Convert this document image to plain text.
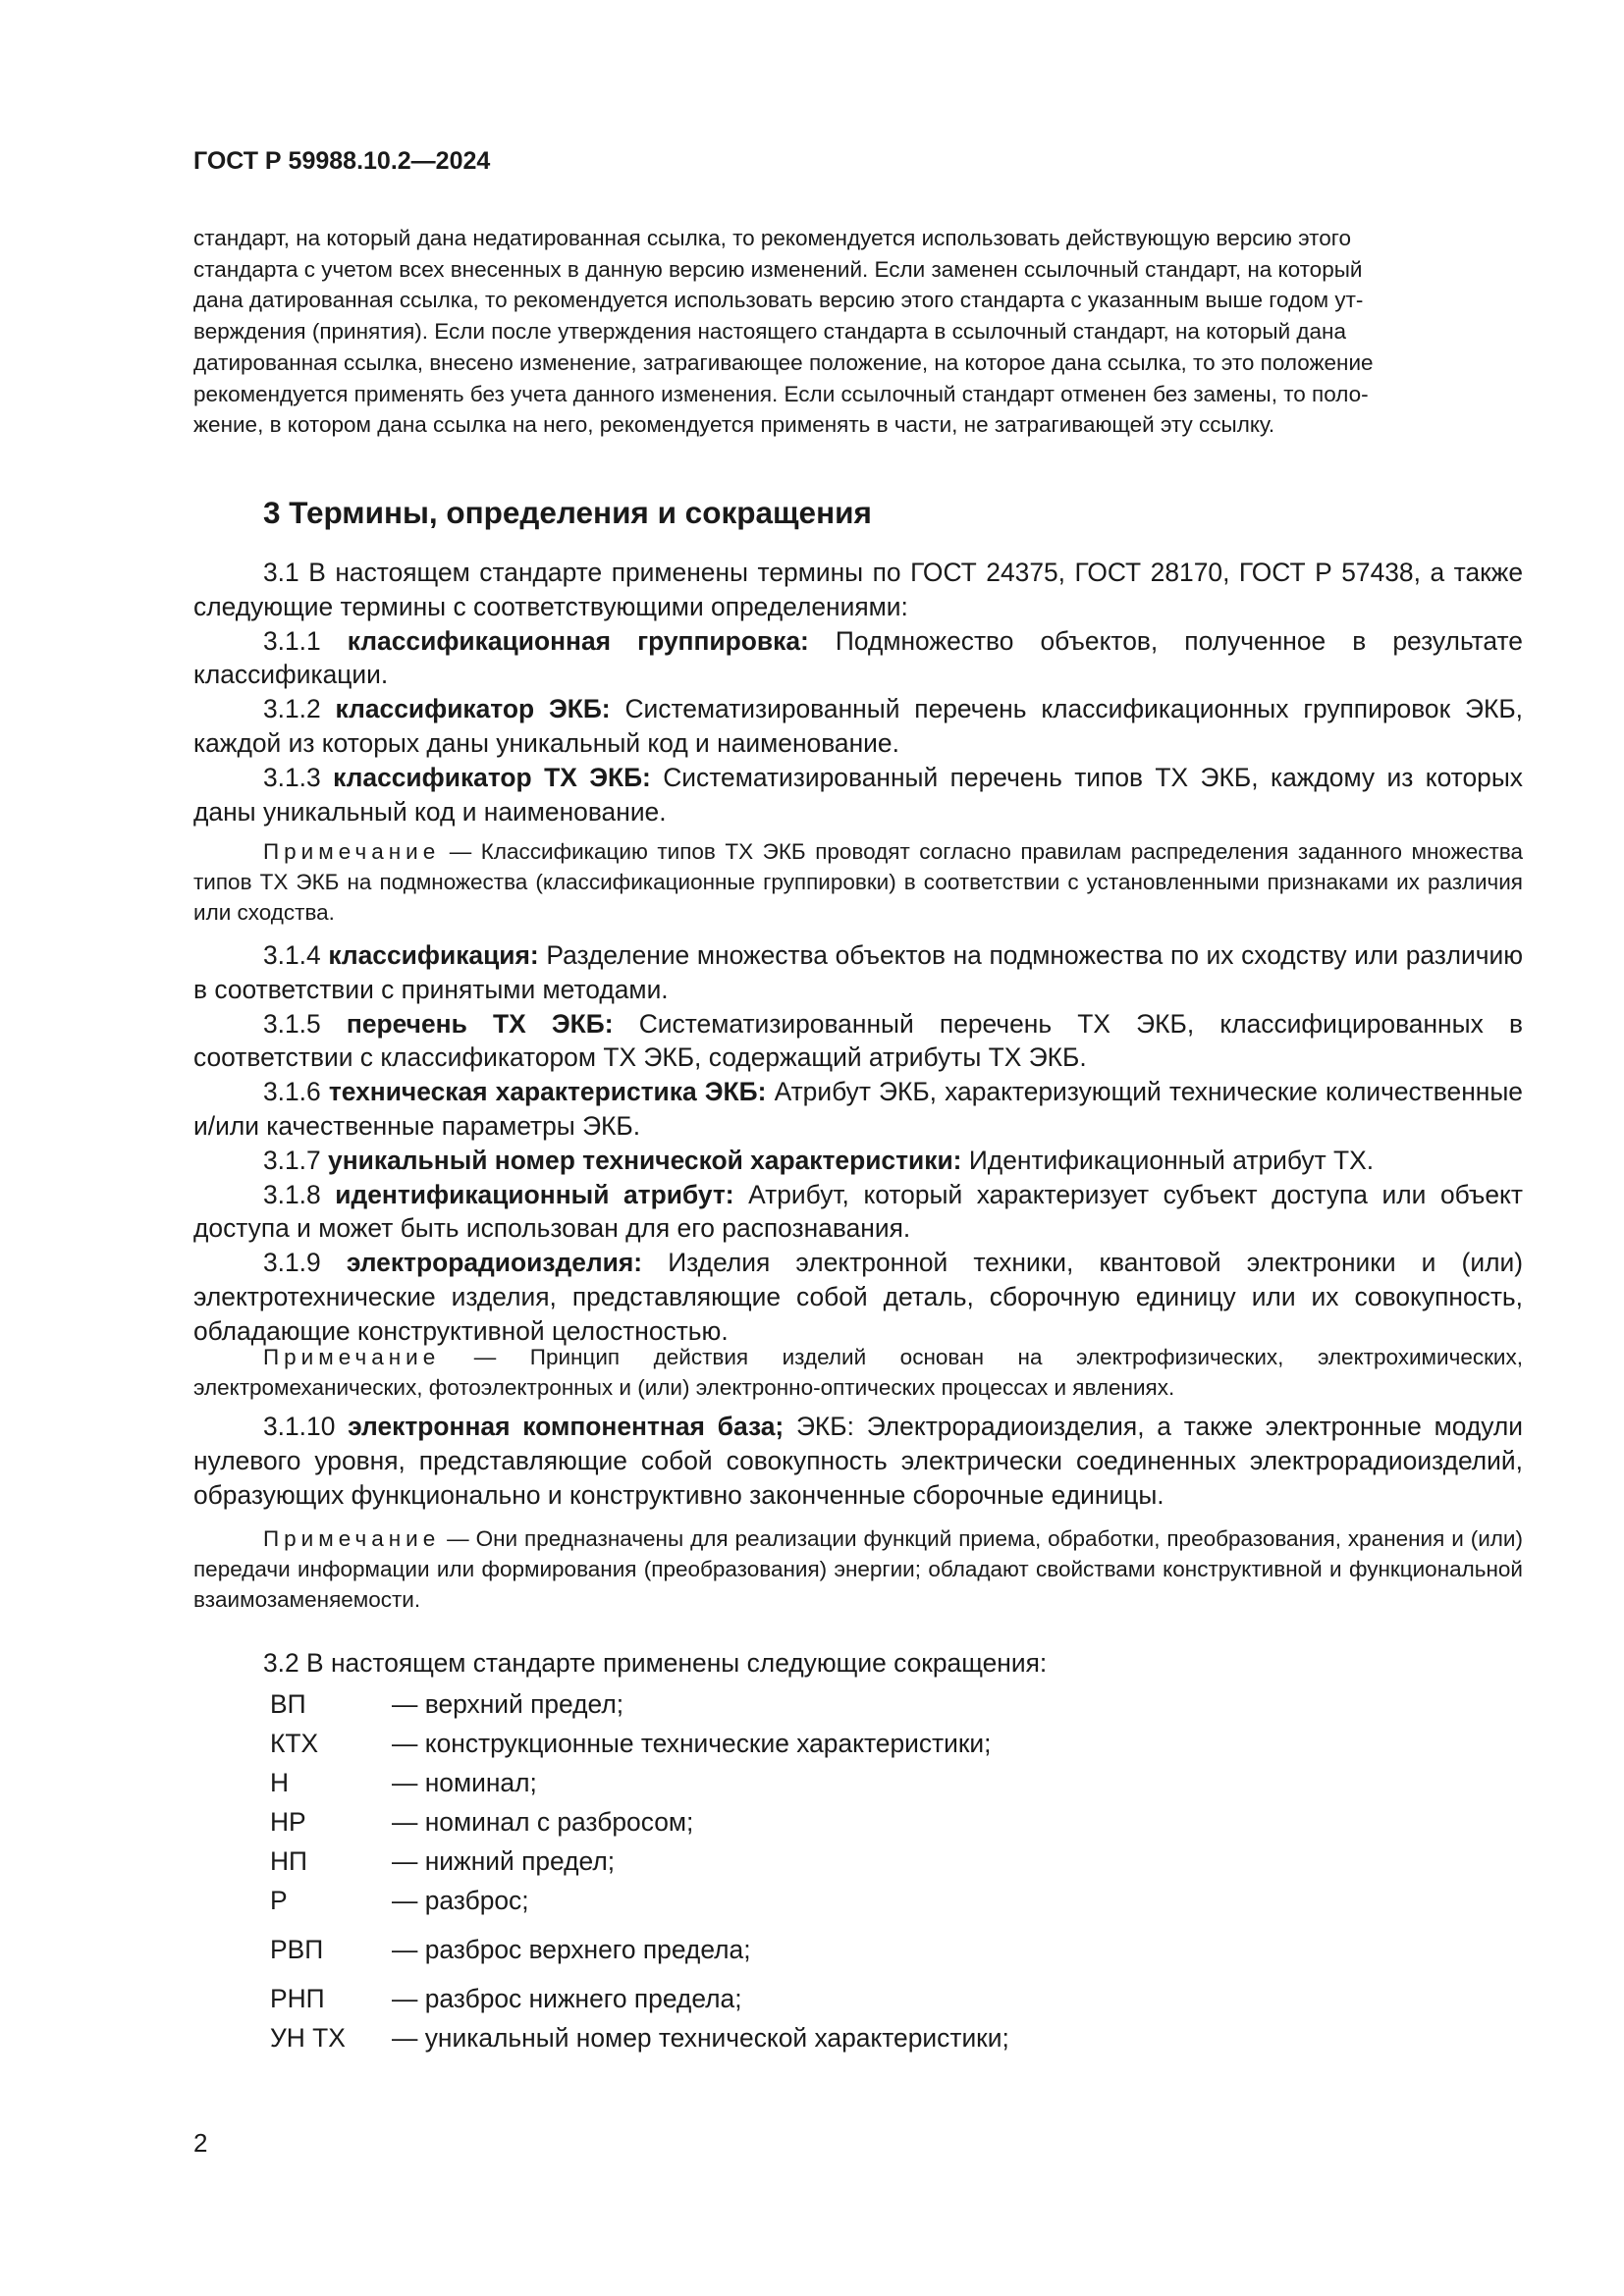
ГОСТ Р 59988.10.2—2024

стандарт, на который дана недатированная ссылка, то рекомендуется использовать действующую версию этого

стандарта с учетом всех внесенных в данную версию изменений. Если заменен ссылочный стандарт, на который

дана датированная ссылка, то рекомендуется использовать версию этого стандарта с указанным выше годом ут-

верждения (принятия). Если после утверждения настоящего стандарта в ссылочный стандарт, на который дана

датированная ссылка, внесено изменение, затрагивающее положение, на которое дана ссылка, то это положение

рекомендуется применять без учета данного изменения. Если ссылочный стандарт отменен без замены, то поло-

жение, в котором дана ссылка на него, рекомендуется применять в части, не затрагивающей эту ссылку.

3 Термины, определения и сокращения

3.1 В настоящем стандарте применены термины по ГОСТ 24375, ГОСТ 28170, ГОСТ Р 57438, а также следующие термины с соответствующими определениями:

3.1.1 классификационная группировка: Подмножество объектов, полученное в результате классификации.

3.1.2 классификатор ЭКБ: Систематизированный перечень классификационных группировок ЭКБ, каждой из которых даны уникальный код и наименование.

3.1.3 классификатор ТХ ЭКБ: Систематизированный перечень типов ТХ ЭКБ, каждому из которых даны уникальный код и наименование.

Примечание — Классификацию типов ТХ ЭКБ проводят согласно правилам распределения заданного множества типов ТХ ЭКБ на подмножества (классификационные группировки) в соответствии с установленными признаками их различия или сходства.

3.1.4 классификация: Разделение множества объектов на подмножества по их сходству или различию в соответствии с принятыми методами.

3.1.5 перечень ТХ ЭКБ: Систематизированный перечень ТХ ЭКБ, классифицированных в соответствии с классификатором ТХ ЭКБ, содержащий атрибуты ТХ ЭКБ.

3.1.6 техническая характеристика ЭКБ: Атрибут ЭКБ, характеризующий технические количественные и/или качественные параметры ЭКБ.

3.1.7 уникальный номер технической характеристики: Идентификационный атрибут ТХ.

3.1.8 идентификационный атрибут: Атрибут, который характеризует субъект доступа или объект доступа и может быть использован для его распознавания.

3.1.9 электрорадиоизделия: Изделия электронной техники, квантовой электроники и (или) электротехнические изделия, представляющие собой деталь, сборочную единицу или их совокупность, обладающие конструктивной целостностью.

Примечание — Принцип действия изделий основан на электрофизических, электрохимических, электромеханических, фотоэлектронных и (или) электронно-оптических процессах и явлениях.

3.1.10 электронная компонентная база; ЭКБ: Электрорадиоизделия, а также электронные модули нулевого уровня, представляющие собой совокупность электрически соединенных электрорадиоизделий, образующих функционально и конструктивно законченные сборочные единицы.

Примечание — Они предназначены для реализации функций приема, обработки, преобразования, хранения и (или) передачи информации или формирования (преобразования) энергии; обладают свойствами конструктивной и функциональной взаимозаменяемости.

3.2 В настоящем стандарте применены следующие сокращения:

ВП	— верхний предел;
КТХ	— конструкционные технические характеристики;
Н	— номинал;
НР	— номинал с разбросом;
НП	— нижний предел;
Р	— разброс;
РВП	— разброс верхнего предела;
РНП	— разброс нижнего предела;
УН ТХ	— уникальный номер технической характеристики;
2
